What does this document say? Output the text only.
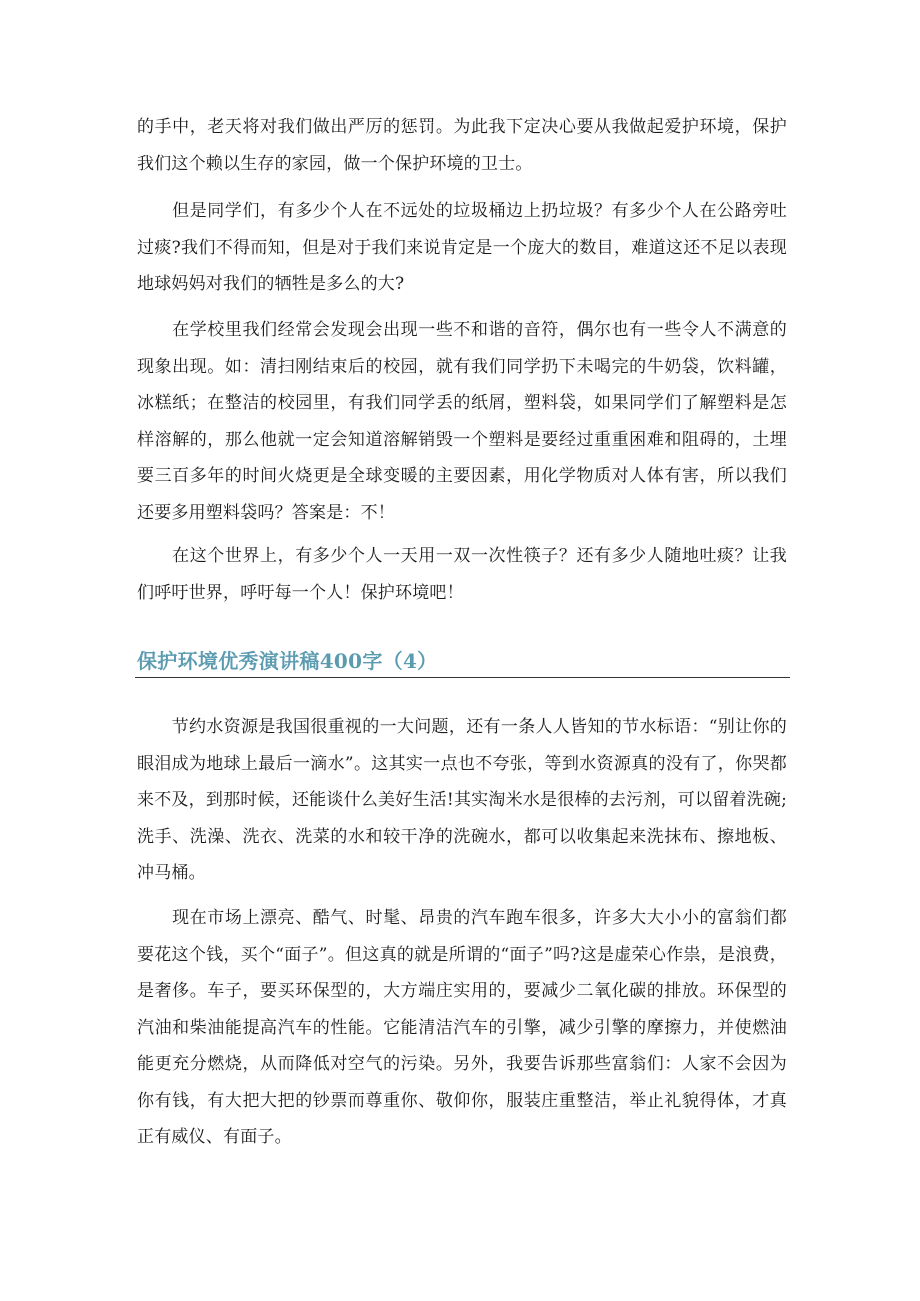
的手中，老天将对我们做出严厉的惩罚。为此我下定决心要从我做起爱护环境，保护我们这个赖以生存的家园，做一个保护环境的卫士。

　　但是同学们，有多少个人在不远处的垃圾桶边上扔垃圾？有多少个人在公路旁吐过痰?我们不得而知，但是对于我们来说肯定是一个庞大的数目，难道这还不足以表现地球妈妈对我们的牺牲是多么的大?

　　在学校里我们经常会发现会出现一些不和谐的音符，偶尔也有一些令人不满意的现象出现。如：清扫刚结束后的校园，就有我们同学扔下未喝完的牛奶袋，饮料罐，冰糕纸；在整洁的校园里，有我们同学丢的纸屑，塑料袋，如果同学们了解塑料是怎样溶解的，那么他就一定会知道溶解销毁一个塑料是要经过重重困难和阻碍的，土埋要三百多年的时间火烧更是全球变暖的主要因素，用化学物质对人体有害，所以我们还要多用塑料袋吗？答案是：不！

　　在这个世界上，有多少个人一天用一双一次性筷子？还有多少人随地吐痰？让我们呼吁世界，呼吁每一个人！保护环境吧！

保护环境优秀演讲稿400字（4）

　　节约水资源是我国很重视的一大问题，还有一条人人皆知的节水标语：“别让你的眼泪成为地球上最后一滴水”。这其实一点也不夸张，等到水资源真的没有了，你哭都来不及，到那时候，还能谈什么美好生活!其实淘米水是很棒的去污剂，可以留着洗碗;洗手、洗澡、洗衣、洗菜的水和较干净的洗碗水，都可以收集起来洗抹布、擦地板、冲马桶。

　　现在市场上漂亮、酷气、时髦、昂贵的汽车跑车很多，许多大大小小的富翁们都要花这个钱，买个“面子”。但这真的就是所谓的“面子”吗?这是虚荣心作祟，是浪费，是奢侈。车子，要买环保型的，大方端庄实用的，要减少二氧化碳的排放。环保型的汽油和柴油能提高汽车的性能。它能清洁汽车的引擎，减少引擎的摩擦力，并使燃油能更充分燃烧，从而降低对空气的污染。另外，我要告诉那些富翁们：人家不会因为你有钱，有大把大把的钞票而尊重你、敬仰你，服装庄重整洁，举止礼貌得体，才真正有威仪、有面子。
